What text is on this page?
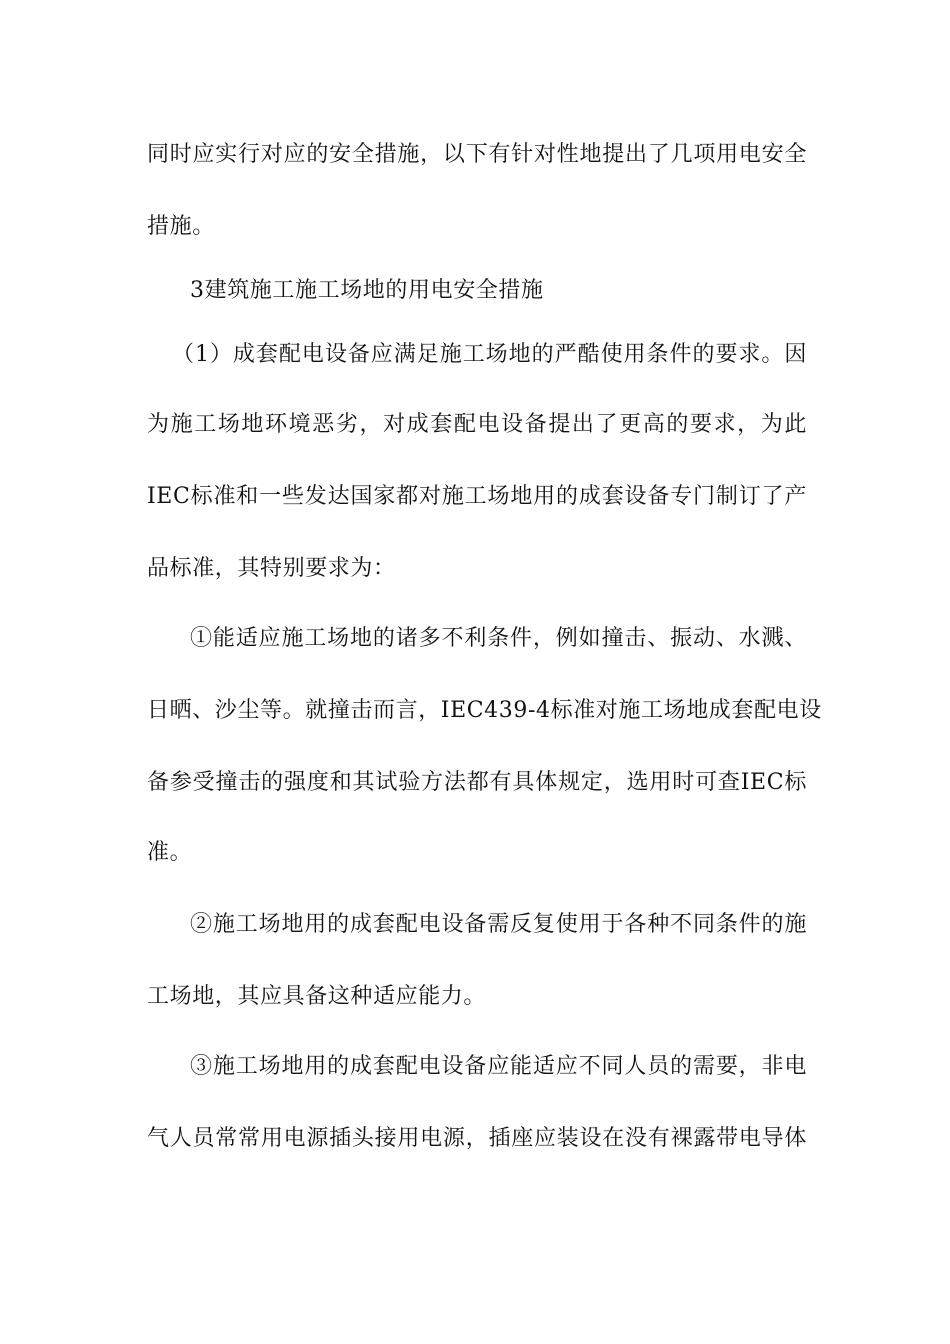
同时应实行对应的安全措施，以下有针对性地提出了几项用电安全
措施。
3建筑施工施工场地的用电安全措施
（1）成套配电设备应满足施工场地的严酷使用条件的要求。因
为施工场地环境恶劣，对成套配电设备提出了更高的要求，为此
IEC标准和一些发达国家都对施工场地用的成套设备专门制订了产
品标准，其特别要求为：
①能适应施工场地的诸多不利条件，例如撞击、振动、水溅、
日晒、沙尘等。就撞击而言，IEC439-4标准对施工场地成套配电设
备参受撞击的强度和其试验方法都有具体规定，选用时可查IEC标
准。
②施工场地用的成套配电设备需反复使用于各种不同条件的施
工场地，其应具备这种适应能力。
③施工场地用的成套配电设备应能适应不同人员的需要，非电
气人员常常用电源插头接用电源，插座应装设在没有裸露带电导体
